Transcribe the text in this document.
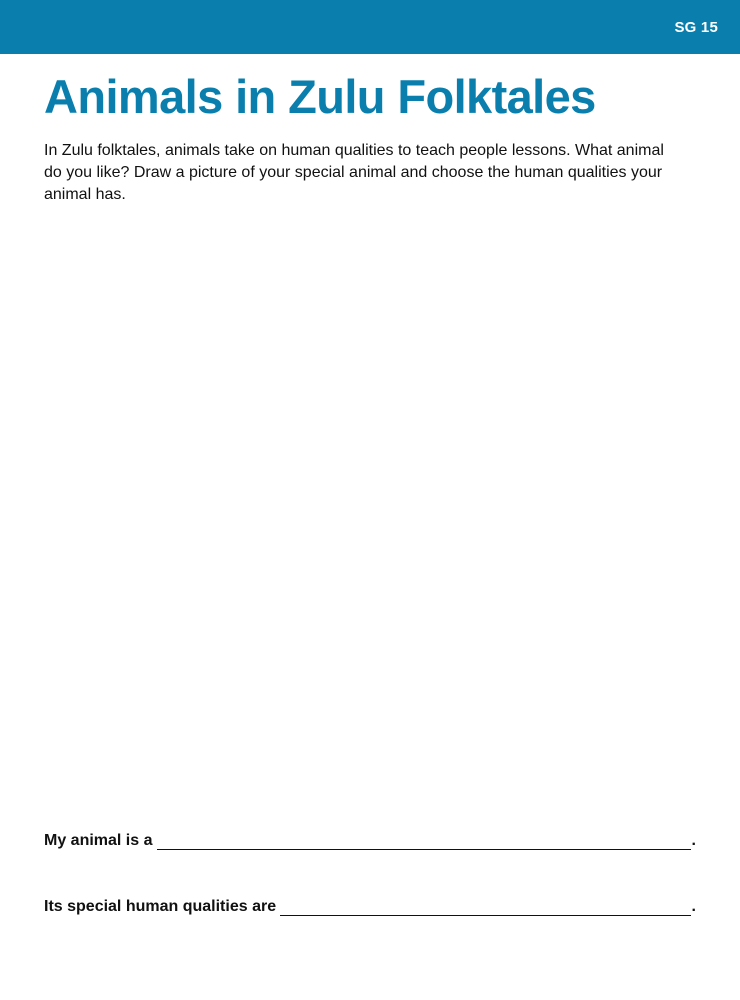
SG 15
Animals in Zulu Folktales

In Zulu folktales, animals take on human qualities to teach people lessons. What animal do you like? Draw a picture of your special animal and choose the human qualities your animal has.

My animal is a	.
Its special human qualities are	.
